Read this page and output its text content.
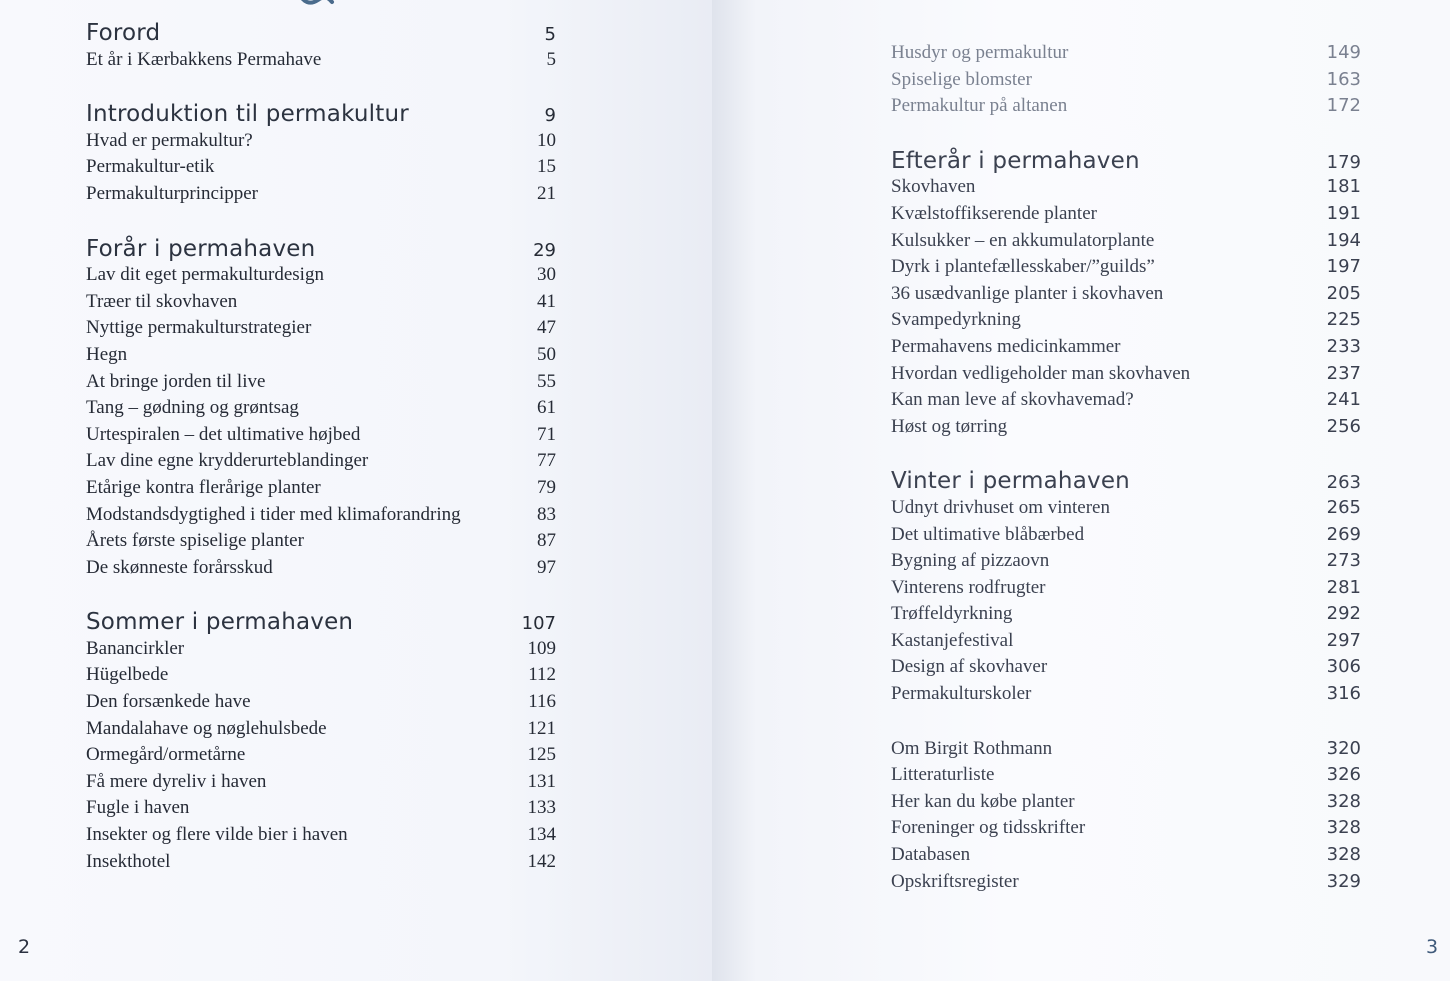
2	3
Forord	5
Et år i Kærbakkens Permahave	5
Introduktion til permakultur	9
Hvad er permakultur?	10
Permakultur-etik	15
Permakulturprincipper	21
Forår i permahaven	29
Lav dit eget permakulturdesign	30
Træer til skovhaven	41
Nyttige permakulturstrategier	47
Hegn	50
At bringe jorden til live	55
Tang – gødning og grøntsag	61
Urtespiralen – det ultimative højbed	71
Lav dine egne krydderurteblandinger	77
Etårige kontra flerårige planter	79
Modstandsdygtighed i tider med klimaforandring	83
Årets første spiselige planter	87
De skønneste forårsskud	97
Sommer i permahaven	107
Banancirkler	109
Hügelbede	112
Den forsænkede have	116
Mandalahave og nøglehulsbede	121
Ormegård/ormetårne	125
Få mere dyreliv i haven	131
Fugle i haven	133
Insekter og flere vilde bier i haven	134
Insekthotel	142
Husdyr og permakultur	149
Spiselige blomster	163
Permakultur på altanen	172
Efterår i permahaven	179
Skovhaven	181
Kvælstoffikserende planter	191
Kulsukker – en akkumulatorplante	194
Dyrk i plantefællesskaber/”guilds”	197
36 usædvanlige planter i skovhaven	205
Svampedyrkning	225
Permahavens medicinkammer	233
Hvordan vedligeholder man skovhaven	237
Kan man leve af skovhavemad?	241
Høst og tørring	256
Vinter i permahaven	263
Udnyt drivhuset om vinteren	265
Det ultimative blåbærbed	269
Bygning af pizzaovn	273
Vinterens rodfrugter	281
Trøffeldyrkning	292
Kastanjefestival	297
Design af skovhaver	306
Permakulturskoler	316
Om Birgit Rothmann	320
Litteraturliste	326
Her kan du købe planter	328
Foreninger og tidsskrifter	328
Databasen	328
Opskriftsregister	329
